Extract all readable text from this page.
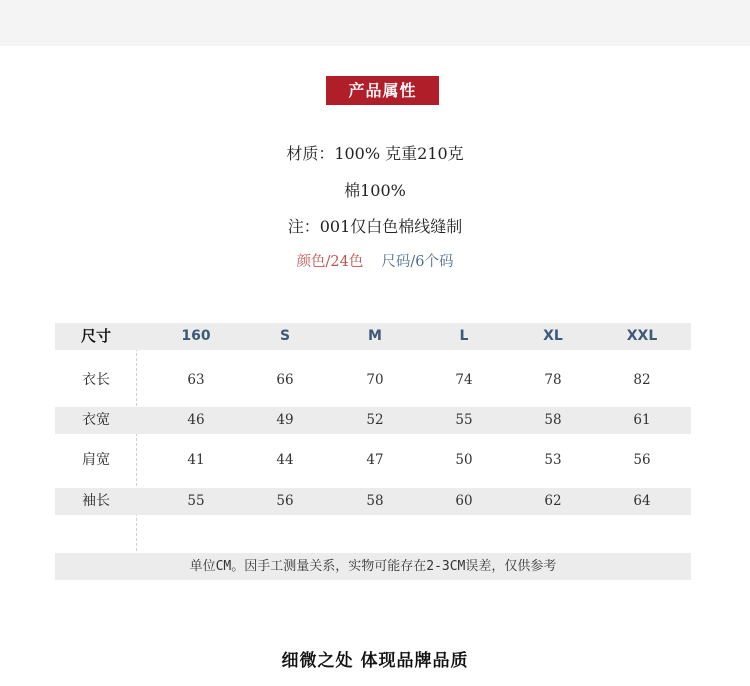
产品属性
材质：100% 克重210克
棉100%
注：001仅白色棉线缝制
颜色/24色 尺码/6个码
尺寸	160	S	M	L	XL	XXL
衣长	63	66	70	74	78	82
衣宽	46	49	52	55	58	61
肩宽	41	44	47	50	53	56
袖长	55	56	58	60	62	64
单位CM。因手工测量关系，实物可能存在2-3CM误差，仅供参考
细微之处 体现品牌品质
